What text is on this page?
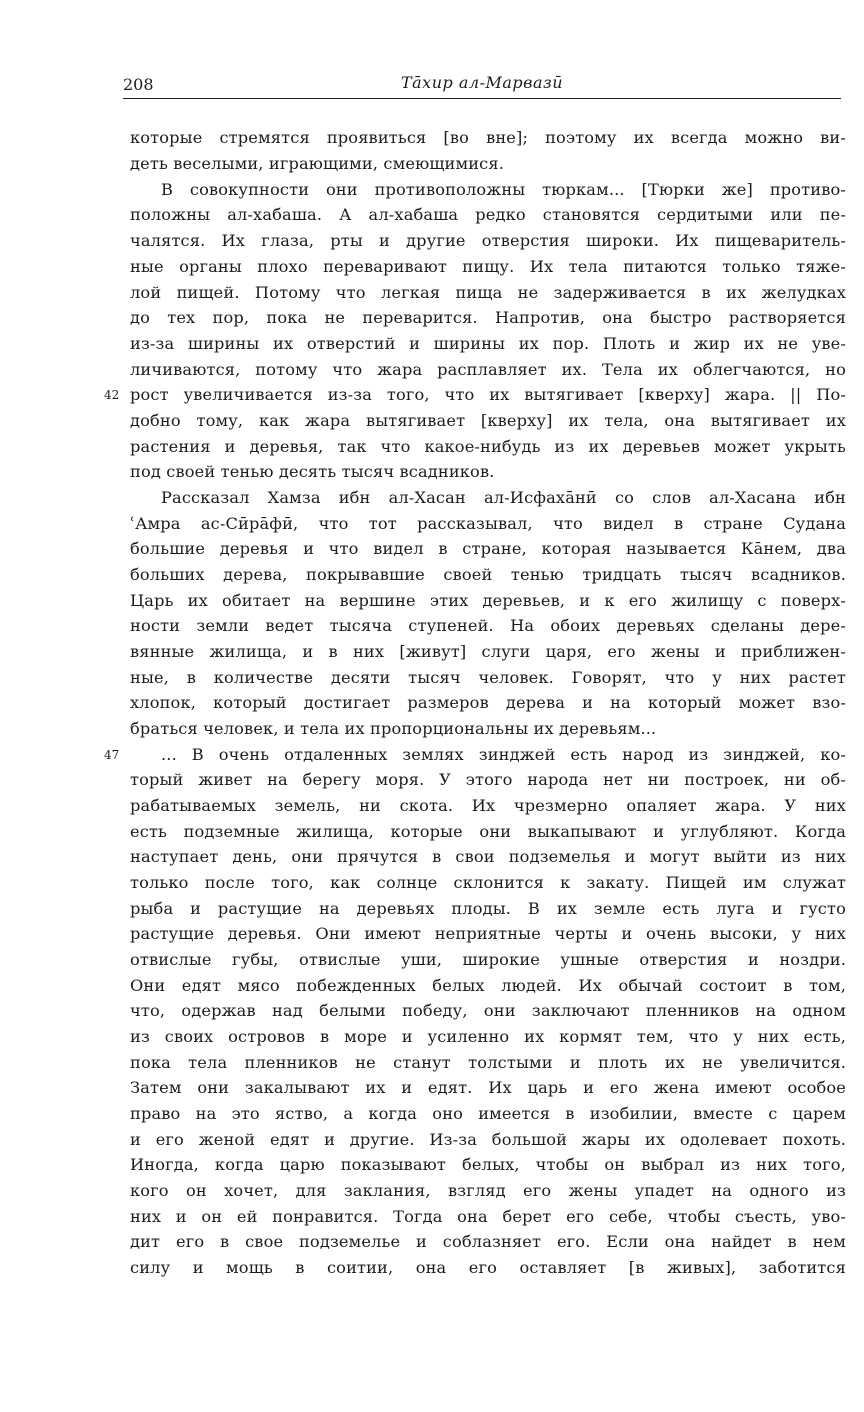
208	Тāхир ал-Марвазӣ
которые стремятся проявиться [во вне]; поэтому их всегда можно ви-
деть веселыми, играющими, смеющимися.
В совокупности они противоположны тюркам... [Тюрки же] противо-
положны ал-хабаша. А ал-хабаша редко становятся сердитыми или пе-
чалятся. Их глаза, рты и другие отверстия широки. Их пищеваритель-
ные органы плохо переваривают пищу. Их тела питаются только тяже-
лой пищей. Потому что легкая пища не задерживается в их желудках
до тех пор, пока не переварится. Напротив, она быстро растворяется
из-за ширины их отверстий и ширины их пор. Плоть и жир их не уве-
личиваются, потому что жара расплавляет их. Тела их облегчаются, но
42 рост увеличивается из-за того, что их вытягивает [кверху] жара. || По-
добно тому, как жара вытягивает [кверху] их тела, она вытягивает их
растения и деревья, так что какое-нибудь из их деревьев может укрыть
под своей тенью десять тысяч всадников.
Рассказал Хамза ибн ал-Хасан ал-Исфахāнӣ со слов ал-Хасана ибн
ʿАмра ас-Сӣрāфӣ, что тот рассказывал, что видел в стране Судана
большие деревья и что видел в стране, которая называется Кāнем, два
больших дерева, покрывавшие своей тенью тридцать тысяч всадников.
Царь их обитает на вершине этих деревьев, и к его жилищу с поверх-
ности земли ведет тысяча ступеней. На обоих деревьях сделаны дере-
вянные жилища, и в них [живут] слуги царя, его жены и приближен-
ные, в количестве десяти тысяч человек. Говорят, что у них растет
хлопок, который достигает размеров дерева и на который может взо-
браться человек, и тела их пропорциональны их деревьям...
47	... В очень отдаленных землях зинджей есть народ из зинджей, ко-
торый живет на берегу моря. У этого народа нет ни построек, ни об-
рабатываемых земель, ни скота. Их чрезмерно опаляет жара. У них
есть подземные жилища, которые они выкапывают и углубляют. Когда
наступает день, они прячутся в свои подземелья и могут выйти из них
только после того, как солнце склонится к закату. Пищей им служат
рыба и растущие на деревьях плоды. В их земле есть луга и густо
растущие деревья. Они имеют неприятные черты и очень высоки, у них
отвислые губы, отвислые уши, широкие ушные отверстия и ноздри.
Они едят мясо побежденных белых людей. Их обычай состоит в том,
что, одержав над белыми победу, они заключают пленников на одном
из своих островов в море и усиленно их кормят тем, что у них есть,
пока тела пленников не станут толстыми и плоть их не увеличится.
Затем они закалывают их и едят. Их царь и его жена имеют особое
право на это яство, а когда оно имеется в изобилии, вместе с царем
и его женой едят и другие. Из-за большой жары их одолевает похоть.
Иногда, когда царю показывают белых, чтобы он выбрал из них того,
кого он хочет, для заклания, взгляд его жены упадет на одного из
них и он ей понравится. Тогда она берет его себе, чтобы съесть, уво-
дит его в свое подземелье и соблазняет его. Если она найдет в нем
силу и мощь в соитии, она его оставляет [в живых], заботится
